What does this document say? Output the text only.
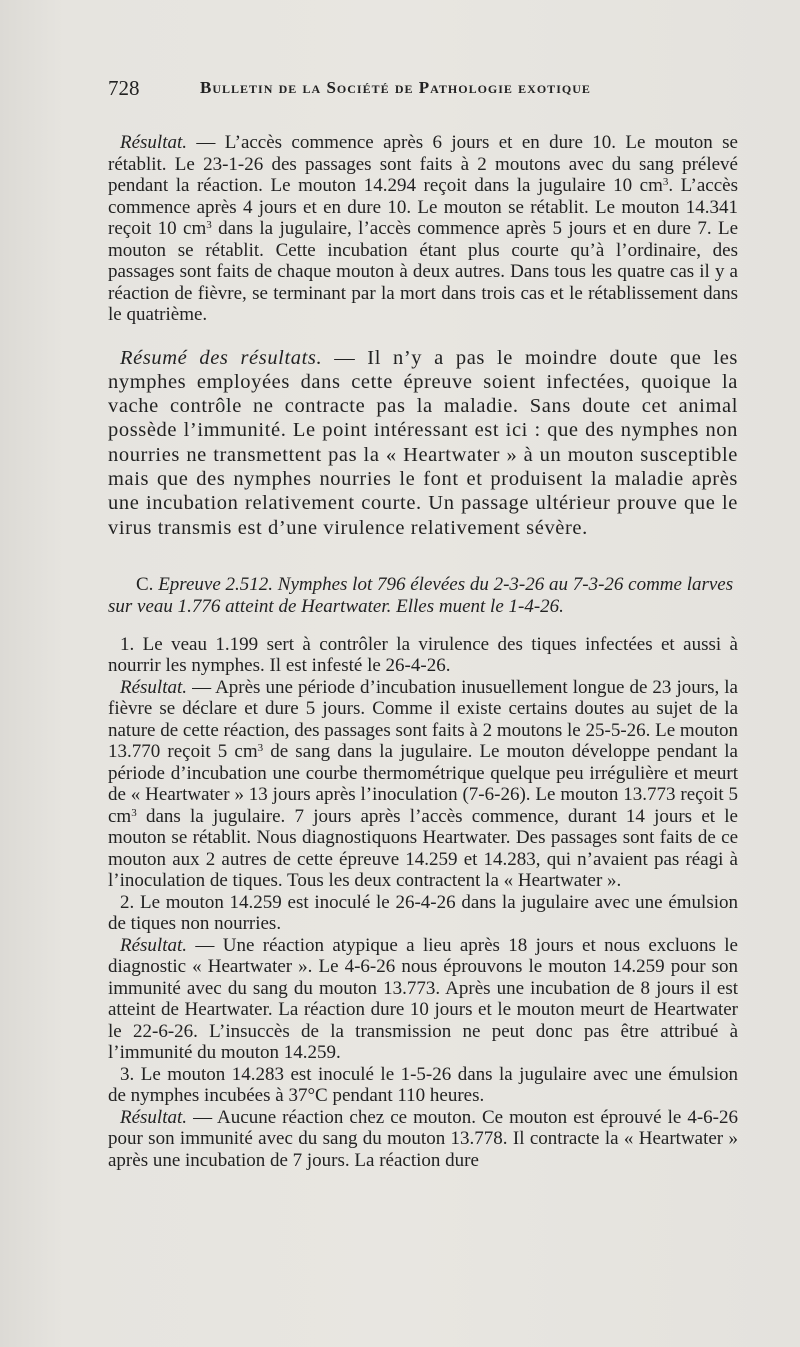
728	Bulletin de la Société de Pathologie exotique

Résultat. — L’accès commence après 6 jours et en dure 10. Le mouton se rétablit. Le 23-1-26 des passages sont faits à 2 moutons avec du sang prélevé pendant la réaction. Le mouton 14.294 reçoit dans la jugulaire 10 $cm^3$. L’accès commence après 4 jours et en dure 10. Le mouton se rétablit. Le mouton 14.341 reçoit 10 $cm^3$ dans la jugulaire, l’accès commence après 5 jours et en dure 7. Le mouton se rétablit. Cette incubation étant plus courte qu’à l’ordinaire, des passages sont faits de chaque mouton à deux autres. Dans tous les quatre cas il y a réaction de fièvre, se terminant par la mort dans trois cas et le rétablissement dans le quatrième.

Résumé des résultats. — Il n’y a pas le moindre doute que les nymphes employées dans cette épreuve soient infectées, quoique la vache contrôle ne contracte pas la maladie. Sans doute cet animal possède l’immunité. Le point intéressant est ici : que des nymphes non nourries ne transmettent pas la « Heartwater » à un mouton susceptible mais que des nymphes nourries le font et produisent la maladie après une incubation relativement courte. Un passage ultérieur prouve que le virus transmis est d’une virulence relativement sévère.

C. Epreuve 2.512. Nymphes lot 796 élevées du 2-3-26 au 7-3-26 comme larves sur veau 1.776 atteint de Heartwater. Elles muent le 1-4-26.

1. Le veau 1.199 sert à contrôler la virulence des tiques infectées et aussi à nourrir les nymphes. Il est infesté le 26-4-26.

Résultat. — Après une période d’incubation inusuellement longue de 23 jours, la fièvre se déclare et dure 5 jours. Comme il existe certains doutes au sujet de la nature de cette réaction, des passages sont faits à 2 moutons le 25-5-26. Le mouton 13.770 reçoit 5 $cm^3$ de sang dans la jugulaire. Le mouton développe pendant la période d’incubation une courbe thermométrique quelque peu irrégulière et meurt de « Heartwater » 13 jours après l’inoculation (7-6-26). Le mouton 13.773 reçoit 5 $cm^3$ dans la jugulaire. 7 jours après l’accès commence, durant 14 jours et le mouton se rétablit. Nous diagnostiquons Heartwater. Des passages sont faits de ce mouton aux 2 autres de cette épreuve 14.259 et 14.283, qui n’avaient pas réagi à l’inoculation de tiques. Tous les deux contractent la « Heartwater ».

2. Le mouton 14.259 est inoculé le 26-4-26 dans la jugulaire avec une émulsion de tiques non nourries.

Résultat. — Une réaction atypique a lieu après 18 jours et nous excluons le diagnostic « Heartwater ». Le 4-6-26 nous éprouvons le mouton 14.259 pour son immunité avec du sang du mouton 13.773. Après une incubation de 8 jours il est atteint de Heartwater. La réaction dure 10 jours et le mouton meurt de Heartwater le 22-6-26. L’insuccès de la transmission ne peut donc pas être attribué à l’immunité du mouton 14.259.

3. Le mouton 14.283 est inoculé le 1-5-26 dans la jugulaire avec une émulsion de nymphes incubées à 37°C pendant 110 heures.

Résultat. — Aucune réaction chez ce mouton. Ce mouton est éprouvé le 4-6-26 pour son immunité avec du sang du mouton 13.778. Il contracte la « Heartwater » après une incubation de 7 jours. La réaction dure
